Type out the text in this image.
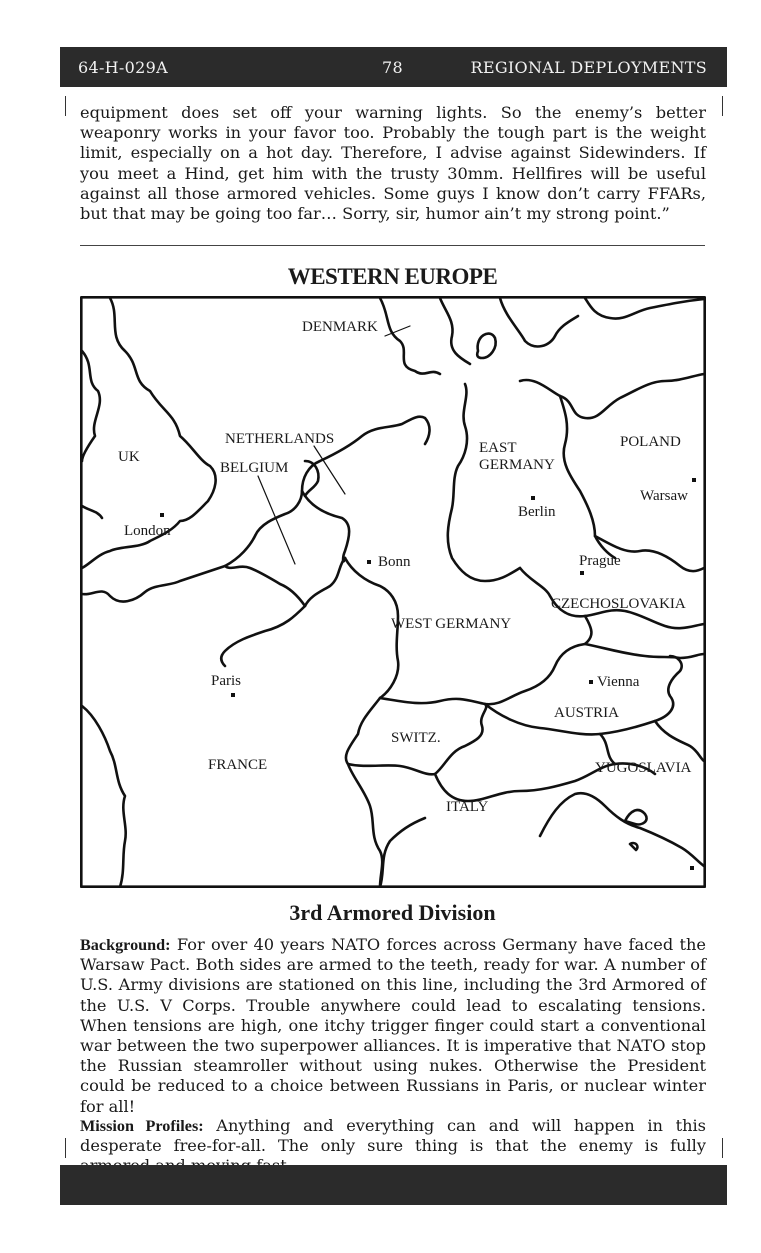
64-H-029A	78	REGIONAL DEPLOYMENTS

equipment does set off your warning lights. So the enemy’s better weaponry works in your favor too. Probably the tough part is the weight limit, especially on a hot day. Therefore, I advise against Sidewinders. If you meet a Hind, get him with the trusty 30mm. Hellfires will be useful against all those armored vehicles. Some guys I know don’t carry FFARs, but that may be going too far… Sorry, sir, humor ain’t my strong point.”

WESTERN EUROPE
DENMARK
UK
London
NETHERLANDS
BELGIUM
EAST
GERMANY
POLAND
Warsaw
Berlin
Bonn	Prague
CZECHOSLOVAKIA
WEST GERMANY
Paris	Vienna
AUSTRIA
SWITZ.
FRANCE	YUGOSLAVIA
ITALY
3rd Armored Division

Background: For over 40 years NATO forces across Germany have faced the Warsaw Pact. Both sides are armed to the teeth, ready for war. A number of U.S. Army divisions are stationed on this line, including the 3rd Armored of the U.S. V Corps. Trouble anywhere could lead to escalating tensions. When tensions are high, one itchy trigger finger could start a conventional war between the two superpower alliances. It is imperative that NATO stop the Russian steamroller without using nukes. Otherwise the President could be reduced to a choice between Russians in Paris, or nuclear winter for all!

Mission Profiles: Anything and everything can and will happen in this desperate free-for-all. The only sure thing is that the enemy is fully
